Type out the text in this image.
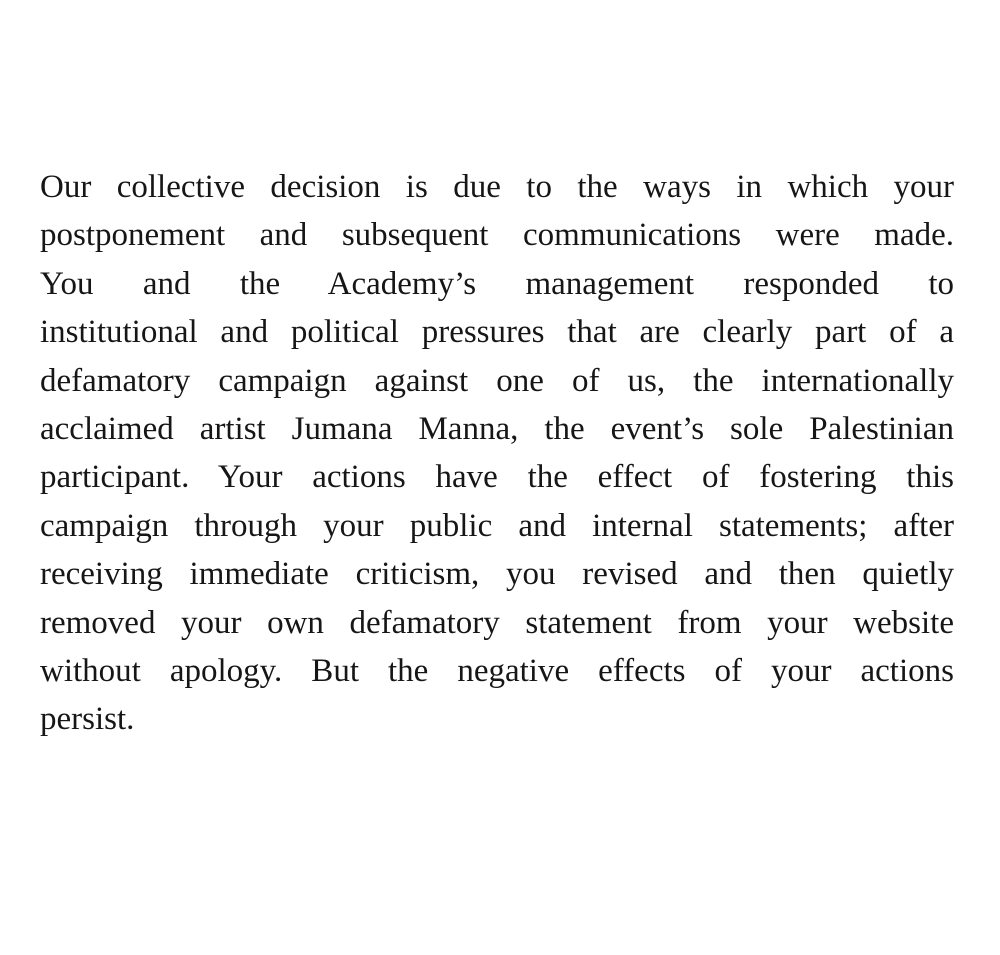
Our collective decision is due to the ways in which your
postponement and subsequent communications were made.
You and the Academy’s management responded to
institutional and political pressures that are clearly part of a
defamatory campaign against one of us, the internationally
acclaimed artist Jumana Manna, the event’s sole Palestinian
participant. Your actions have the effect of fostering this
campaign through your public and internal statements; after
receiving immediate criticism, you revised and then quietly
removed your own defamatory statement from your website
without apology. But the negative effects of your actions
persist.
